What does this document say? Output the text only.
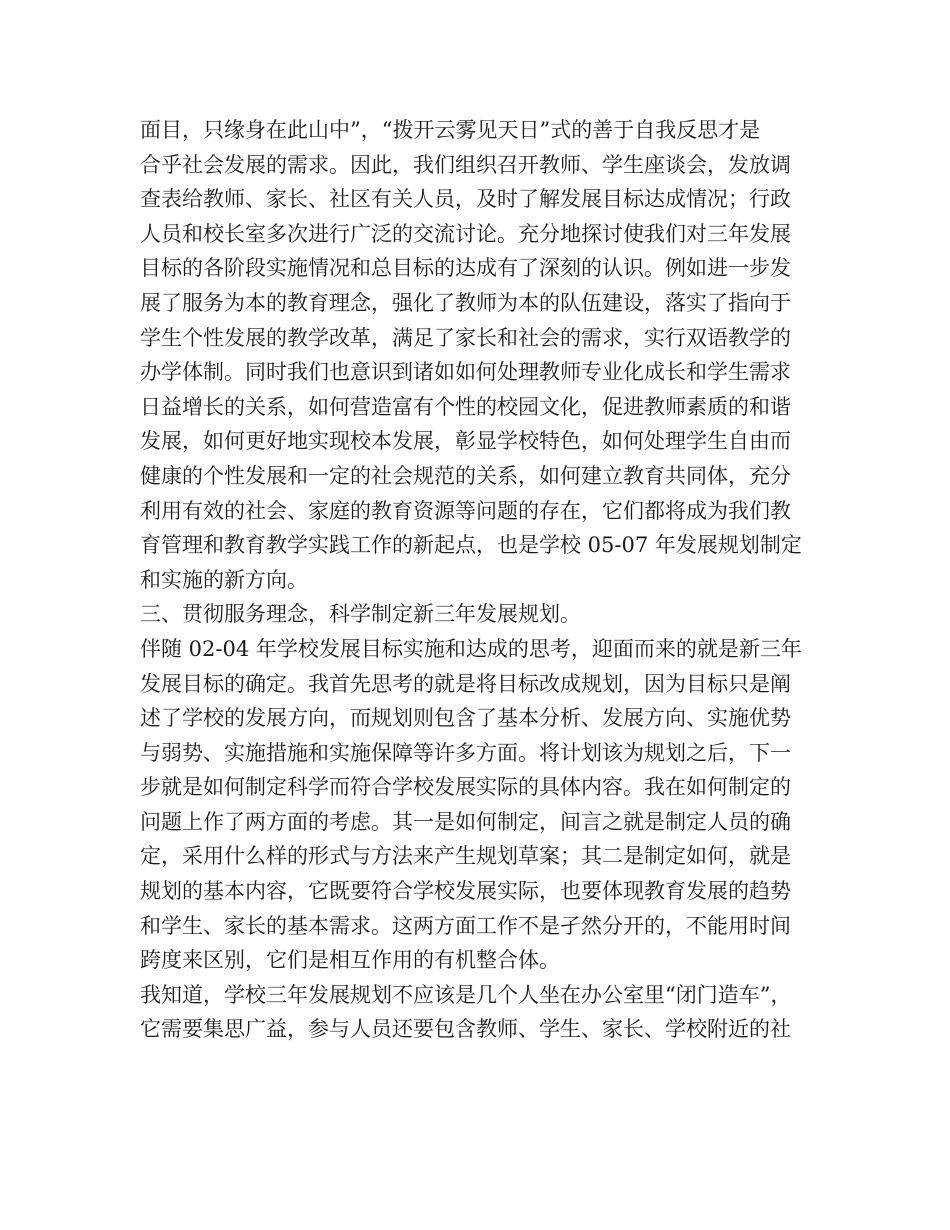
面目，只缘身在此山中”，“拨开云雾见天日”式的善于自我反思才是
合乎社会发展的需求。因此，我们组织召开教师、学生座谈会，发放调
查表给教师、家长、社区有关人员，及时了解发展目标达成情况；行政
人员和校长室多次进行广泛的交流讨论。充分地探讨使我们对三年发展
目标的各阶段实施情况和总目标的达成有了深刻的认识。例如进一步发
展了服务为本的教育理念，强化了教师为本的队伍建设，落实了指向于
学生个性发展的教学改革，满足了家长和社会的需求，实行双语教学的
办学体制。同时我们也意识到诸如如何处理教师专业化成长和学生需求
日益增长的关系，如何营造富有个性的校园文化，促进教师素质的和谐
发展，如何更好地实现校本发展，彰显学校特色，如何处理学生自由而
健康的个性发展和一定的社会规范的关系，如何建立教育共同体，充分
利用有效的社会、家庭的教育资源等问题的存在，它们都将成为我们教
育管理和教育教学实践工作的新起点，也是学校 05-07 年发展规划制定
和实施的新方向。
三、贯彻服务理念，科学制定新三年发展规划。
伴随 02-04 年学校发展目标实施和达成的思考，迎面而来的就是新三年
发展目标的确定。我首先思考的就是将目标改成规划，因为目标只是阐
述了学校的发展方向，而规划则包含了基本分析、发展方向、实施优势
与弱势、实施措施和实施保障等许多方面。将计划该为规划之后，下一
步就是如何制定科学而符合学校发展实际的具体内容。我在如何制定的
问题上作了两方面的考虑。其一是如何制定，间言之就是制定人员的确
定，采用什么样的形式与方法来产生规划草案；其二是制定如何，就是
规划的基本内容，它既要符合学校发展实际，也要体现教育发展的趋势
和学生、家长的基本需求。这两方面工作不是孑然分开的，不能用时间
跨度来区别，它们是相互作用的有机整合体。
我知道，学校三年发展规划不应该是几个人坐在办公室里“闭门造车”，
它需要集思广益，参与人员还要包含教师、学生、家长、学校附近的社
